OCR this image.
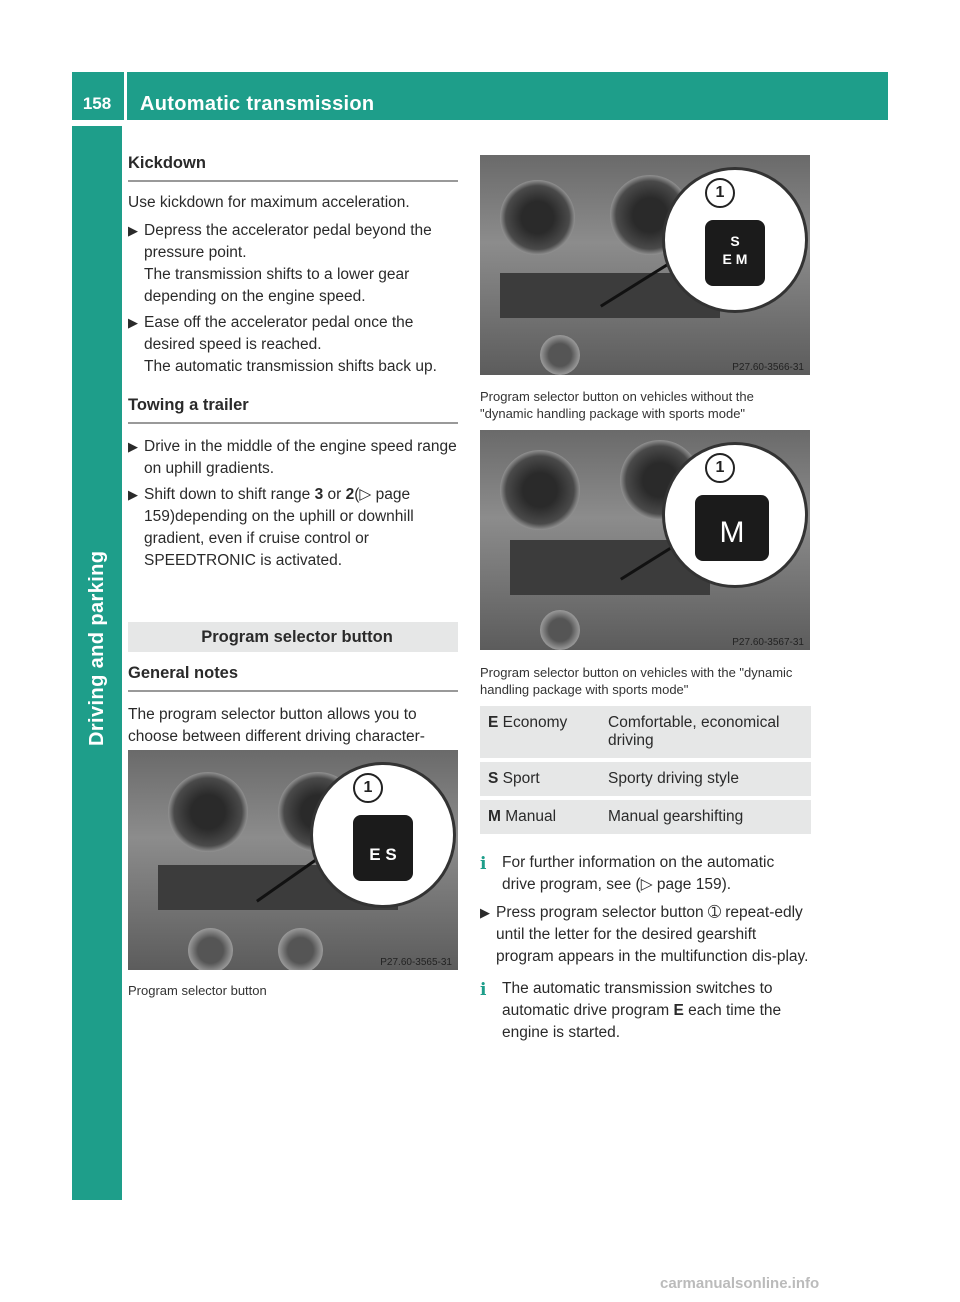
158	Automatic transmission
Driving and parking
Kickdown

Use kickdown for maximum acceleration.

▶ Depress the accelerator pedal beyond the pressure point.

The transmission shifts to a lower gear depending on the engine speed.

▶ Ease off the accelerator pedal once the desired speed is reached.

The automatic transmission shifts back up.

Towing a trailer
▶ Drive in the middle of the engine speed range on uphill gradients.

▶ Shift down to shift range 3 or 2(▷ page 159)depending on the uphill or downhill gradient, even if cruise control or SPEEDTRONIC is activated.

Program selector button
General notes

The program selector button allows you to choose between different driving character-

1
E S
P27.60-3565-31
Program selector button
1
S
E M
P27.60-3566-31
Program selector button on vehicles without the "dynamic handling package with sports mode"
1
M
P27.60-3567-31
Program selector button on vehicles with the "dynamic handling package with sports mode"
E Economy	Comfortable, economical driving
S Sport	Sporty driving style
M Manual	Manual gearshifting
i	For further information on the automatic drive program, see (▷ page 159).

▶ Press program selector button ➀ repeat-edly until the letter for the desired gearshift program appears in the multifunction dis-play.

i	The automatic transmission switches to automatic drive program E each time the engine is started.

carmanualsonline.info
